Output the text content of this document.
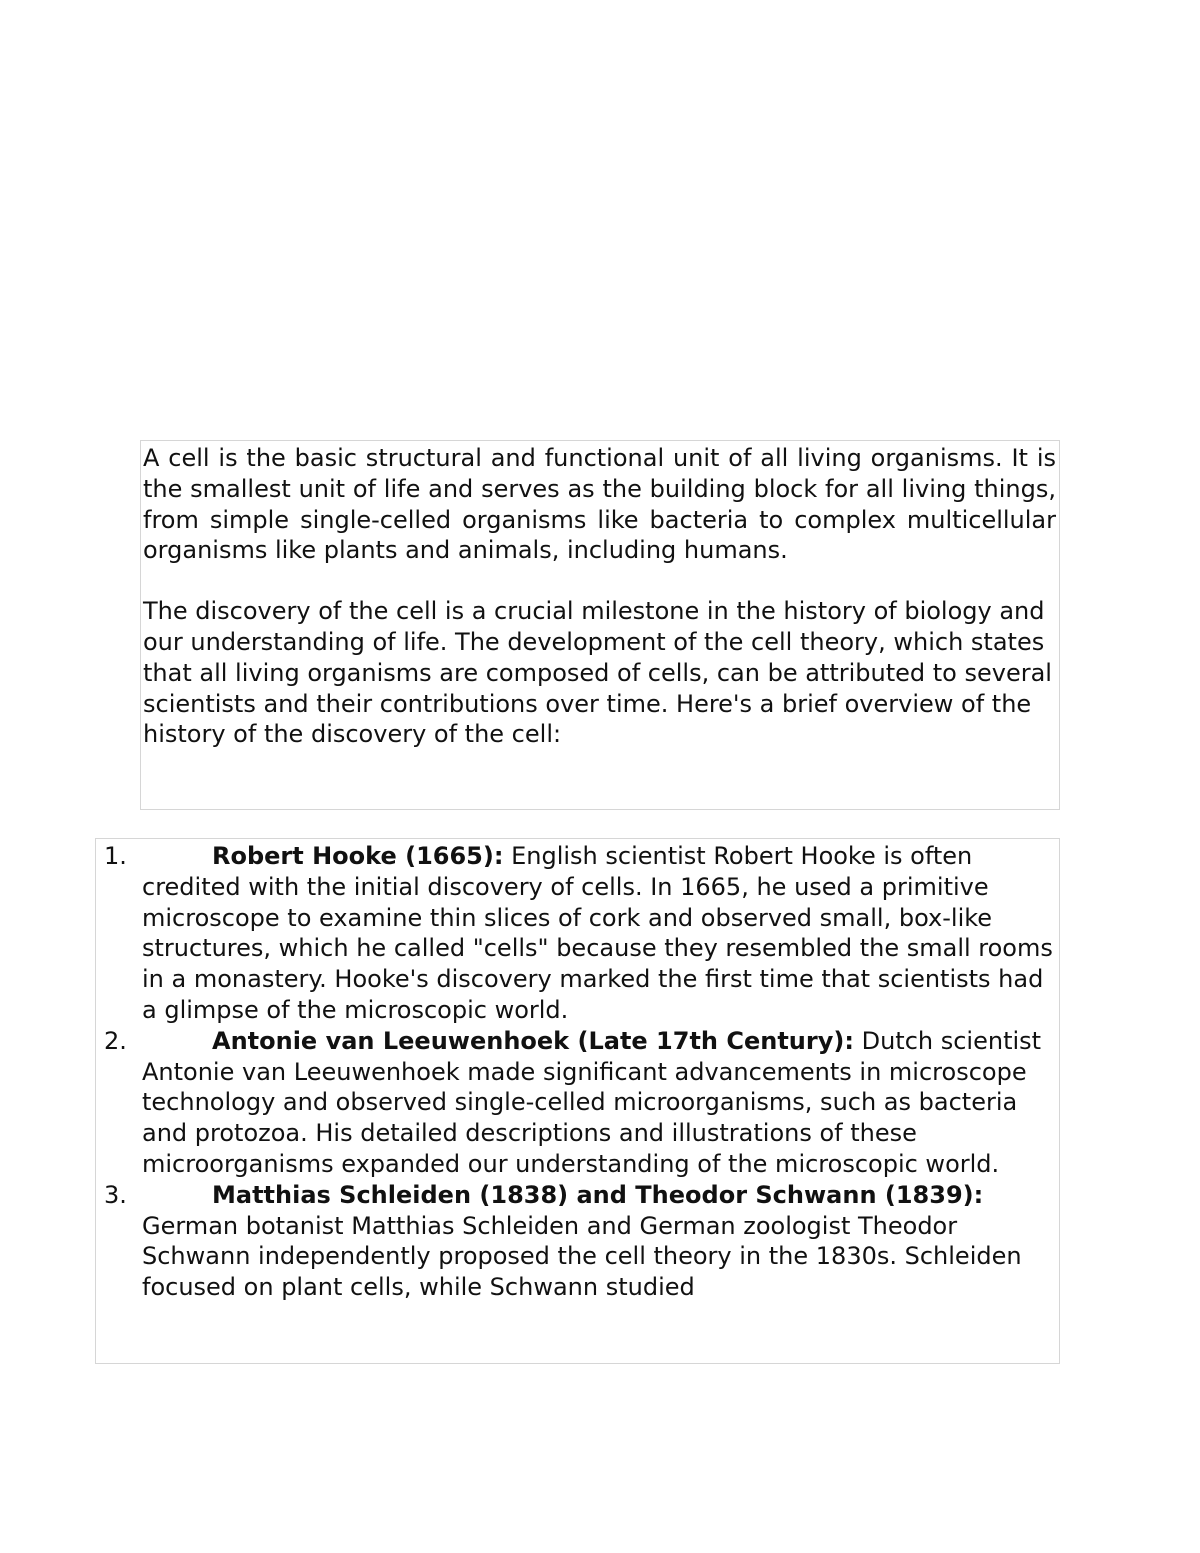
A cell is the basic structural and functional unit of all living organisms. It is the smallest unit of life and serves as the building block for all living things, from simple single-celled organisms like bacteria to complex multicellular organisms like plants and animals, including humans.

The discovery of the cell is a crucial milestone in the history of biology and our understanding of life. The development of the cell theory, which states that all living organisms are composed of cells, can be attributed to several scientists and their contributions over time. Here's a brief overview of the history of the discovery of the cell:

1.	Robert Hooke (1665): English scientist Robert Hooke is often credited with the initial discovery of cells. In 1665, he used a primitive microscope to examine thin slices of cork and observed small, box-like structures, which he called "cells" because they resembled the small rooms in a monastery. Hooke's discovery marked the first time that scientists had a glimpse of the microscopic world.
2.	Antonie van Leeuwenhoek (Late 17th Century): Dutch scientist Antonie van Leeuwenhoek made significant advancements in microscope technology and observed single-celled microorganisms, such as bacteria and protozoa. His detailed descriptions and illustrations of these microorganisms expanded our understanding of the microscopic world.
3.	Matthias Schleiden (1838) and Theodor Schwann (1839): German botanist Matthias Schleiden and German zoologist Theodor Schwann independently proposed the cell theory in the 1830s. Schleiden focused on plant cells, while Schwann studied
